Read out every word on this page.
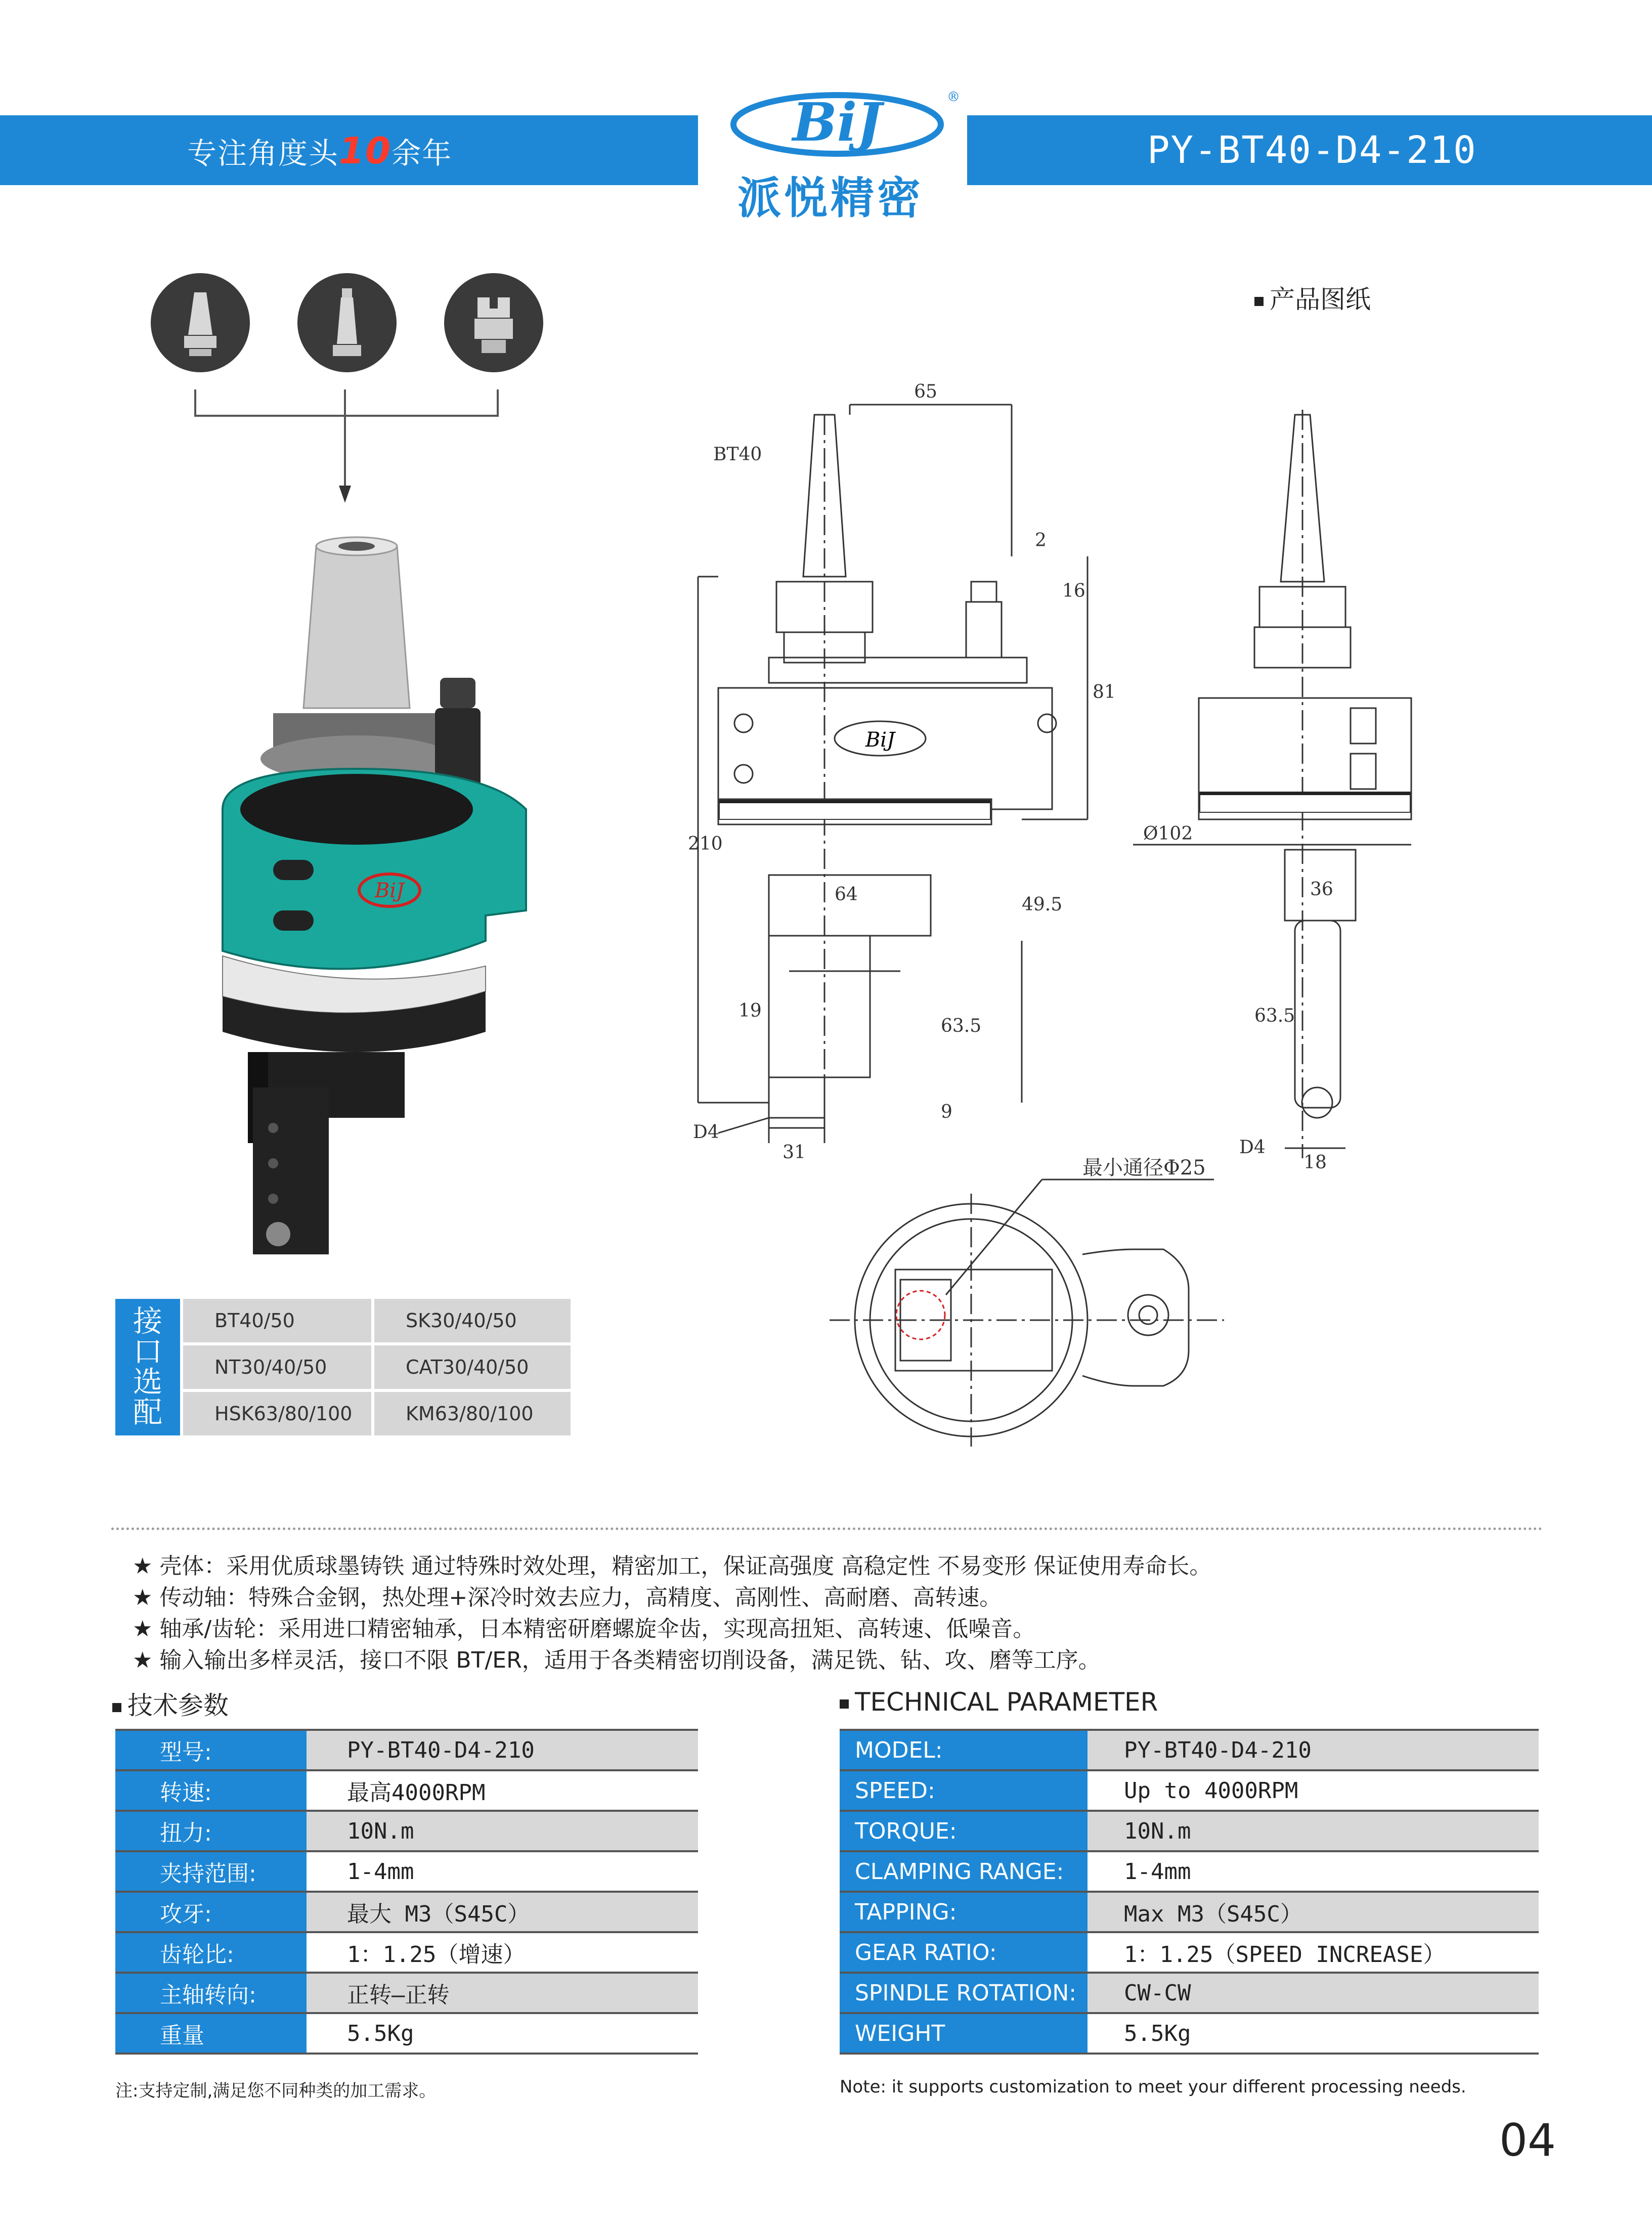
专注角度头10余年	PY-BT40-D4-210
BiJ	®
派悦精密
BiJ
产品图纸
BiJ
65
BT40
2
16
81
210
64	49.5
19
63.5
9
D4
31
Ø102
36
63.5
D4
18
最小通径Φ25
接
口
选
配
BT40/50	SK30/40/50
NT30/40/50	CAT30/40/50
HSK63/80/100	KM63/80/100
★ 壳体：采用优质球墨铸铁 通过特殊时效处理，精密加工，保证高强度 高稳定性 不易变形 保证使用寿命长。
★ 传动轴：特殊合金钢，热处理+深冷时效去应力，高精度、高刚性、高耐磨、高转速。
★ 轴承/齿轮：采用进口精密轴承，日本精密研磨螺旋伞齿，实现高扭矩、高转速、低噪音。
★ 输入输出多样灵活，接口不限 BT/ER，适用于各类精密切削设备，满足铣、钻、攻、磨等工序。
技术参数	TECHNICAL PARAMETER
型号:	PY-BT40-D4-210
转速:	最高4000RPM
扭力:	10N.m
夹持范围:	1-4mm
攻牙:	最大 M3（S45C）
齿轮比:	1：1.25（增速）
主轴转向:	正转—正转
重量	5.5Kg
MODEL:	PY-BT40-D4-210
SPEED:	Up to 4000RPM
TORQUE:	10N.m
CLAMPING RANGE:	1-4mm
TAPPING:	Max M3（S45C）
GEAR RATIO:	1：1.25（SPEED INCREASE）
SPINDLE ROTATION:	CW-CW
WEIGHT	5.5Kg
注:支持定制,满足您不同种类的加工需求。	Note: it supports customization to meet your different processing needs.
04
